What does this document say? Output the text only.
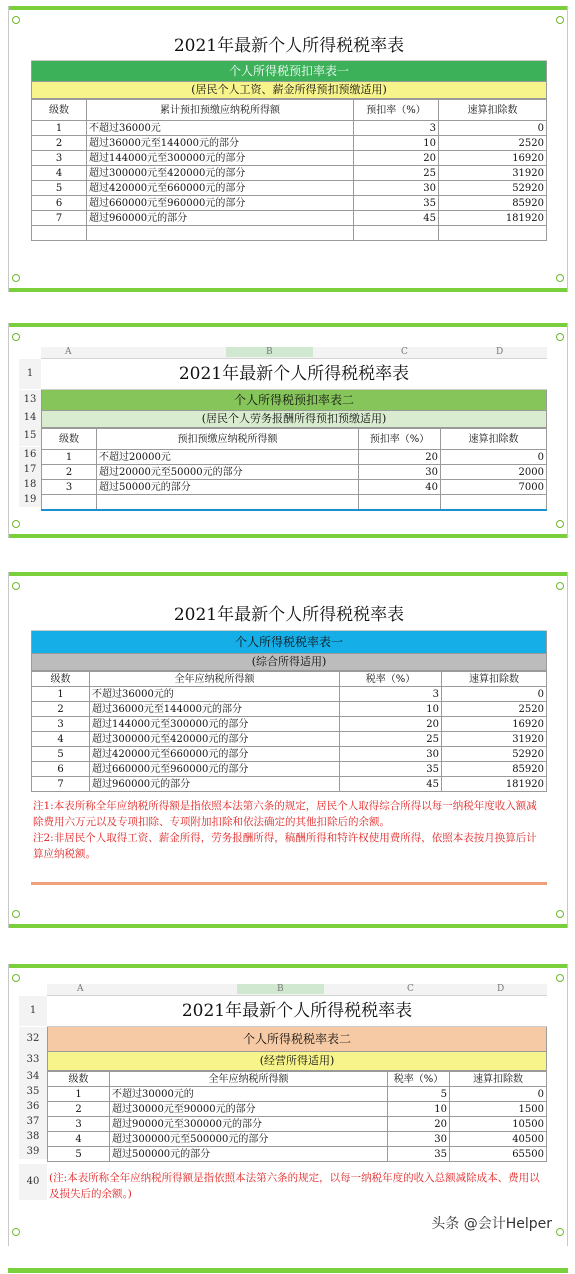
2021年最新个人所得税税率表
个人所得税预扣率表一
(居民个人工资、薪金所得预扣预缴适用)
级数	累计预扣预缴应纳税所得额	预扣率（%）	速算扣除数
1	不超过36000元	3	0
2	超过36000元至144000元的部分	10	2520
3	超过144000元至300000元的部分	20	16920
4	超过300000元至420000元的部分	25	31920
5	超过420000元至660000元的部分	30	52920
6	超过660000元至960000元的部分	35	85920
7	超过960000元的部分	45	181920

A	B	C	D
1	2021年最新个人所得税税率表
13	个人所得税预扣率表二
14	(居民个人劳务报酬所得预扣预缴适用)
15
16
17
18
19
级数	预扣预缴应纳税所得额	预扣率（%）	速算扣除数
1	不超过20000元	20	0
2	超过20000元至50000元的部分	30	2000
3	超过50000元的部分	40	7000

2021年最新个人所得税税率表
个人所得税税率表一
(综合所得适用)
级数	全年应纳税所得额	税率（%）	速算扣除数
1	不超过36000元的	3	0
2	超过36000元至144000元的部分	10	2520
3	超过144000元至300000元的部分	20	16920
4	超过300000元至420000元的部分	25	31920
5	超过420000元至660000元的部分	30	52920
6	超过660000元至960000元的部分	35	85920
7	超过960000元的部分	45	181920
注1:本表所称全年应纳税所得额是指依照本法第六条的规定，居民个人取得综合所得以每一纳税年度收入额减除费用六万元以及专项扣除、专项附加扣除和依法确定的其他扣除后的余额。
注2:非居民个人取得工资、薪金所得，劳务报酬所得，稿酬所得和特许权使用费所得，依照本表按月换算后计算应纳税额。
A	B	C	D
1	2021年最新个人所得税税率表
32	个人所得税税率表二
33	(经营所得适用)
34
35
36
37
38
39
40
级数	全年应纳税所得额	税率（%）	速算扣除数
1	不超过30000元的	5	0
2	超过30000元至90000元的部分	10	1500
3	超过90000元至300000元的部分	20	10500
4	超过300000元至500000元的部分	30	40500
5	超过500000元的部分	35	65500
(注:本表所称全年应纳税所得额是指依照本法第六条的规定，以每一纳税年度的收入总额减除成本、费用以及损失后的余额。)
头条 @会计Helper
